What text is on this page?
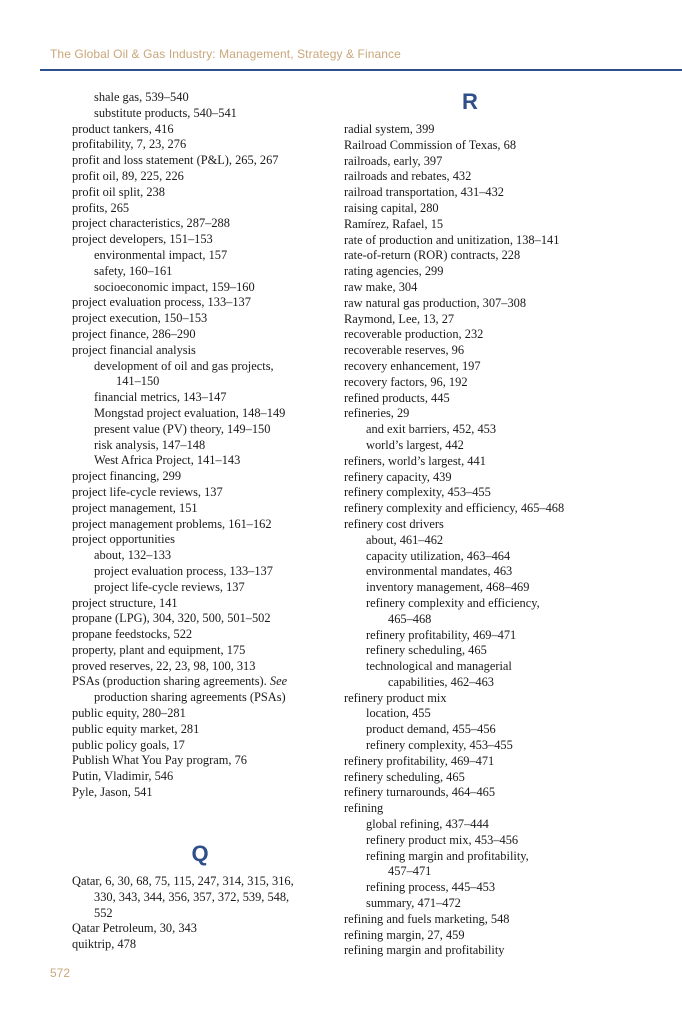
The Global Oil & Gas Industry: Management, Strategy & Finance
shale gas, 539–540
substitute products, 540–541
product tankers, 416
profitability, 7, 23, 276
profit and loss statement (P&L), 265, 267
profit oil, 89, 225, 226
profit oil split, 238
profits, 265
project characteristics, 287–288
project developers, 151–153
environmental impact, 157
safety, 160–161
socioeconomic impact, 159–160
project evaluation process, 133–137
project execution, 150–153
project finance, 286–290
project financial analysis
development of oil and gas projects,
141–150
financial metrics, 143–147
Mongstad project evaluation, 148–149
present value (PV) theory, 149–150
risk analysis, 147–148
West Africa Project, 141–143
project financing, 299
project life-cycle reviews, 137
project management, 151
project management problems, 161–162
project opportunities
about, 132–133
project evaluation process, 133–137
project life-cycle reviews, 137
project structure, 141
propane (LPG), 304, 320, 500, 501–502
propane feedstocks, 522
property, plant and equipment, 175
proved reserves, 22, 23, 98, 100, 313
PSAs (production sharing agreements). See
production sharing agreements (PSAs)
public equity, 280–281
public equity market, 281
public policy goals, 17
Publish What You Pay program, 76
Putin, Vladimir, 546
Pyle, Jason, 541
Q
Qatar, 6, 30, 68, 75, 115, 247, 314, 315, 316,
330, 343, 344, 356, 357, 372, 539, 548,
552
Qatar Petroleum, 30, 343
quiktrip, 478
R
radial system, 399
Railroad Commission of Texas, 68
railroads, early, 397
railroads and rebates, 432
railroad transportation, 431–432
raising capital, 280
Ramírez, Rafael, 15
rate of production and unitization, 138–141
rate-of-return (ROR) contracts, 228
rating agencies, 299
raw make, 304
raw natural gas production, 307–308
Raymond, Lee, 13, 27
recoverable production, 232
recoverable reserves, 96
recovery enhancement, 197
recovery factors, 96, 192
refined products, 445
refineries, 29
and exit barriers, 452, 453
world’s largest, 442
refiners, world’s largest, 441
refinery capacity, 439
refinery complexity, 453–455
refinery complexity and efficiency, 465–468
refinery cost drivers
about, 461–462
capacity utilization, 463–464
environmental mandates, 463
inventory management, 468–469
refinery complexity and efficiency,
465–468
refinery profitability, 469–471
refinery scheduling, 465
technological and managerial
capabilities, 462–463
refinery product mix
location, 455
product demand, 455–456
refinery complexity, 453–455
refinery profitability, 469–471
refinery scheduling, 465
refinery turnarounds, 464–465
refining
global refining, 437–444
refinery product mix, 453–456
refining margin and profitability,
457–471
refining process, 445–453
summary, 471–472
refining and fuels marketing, 548
refining margin, 27, 459
refining margin and profitability
572
